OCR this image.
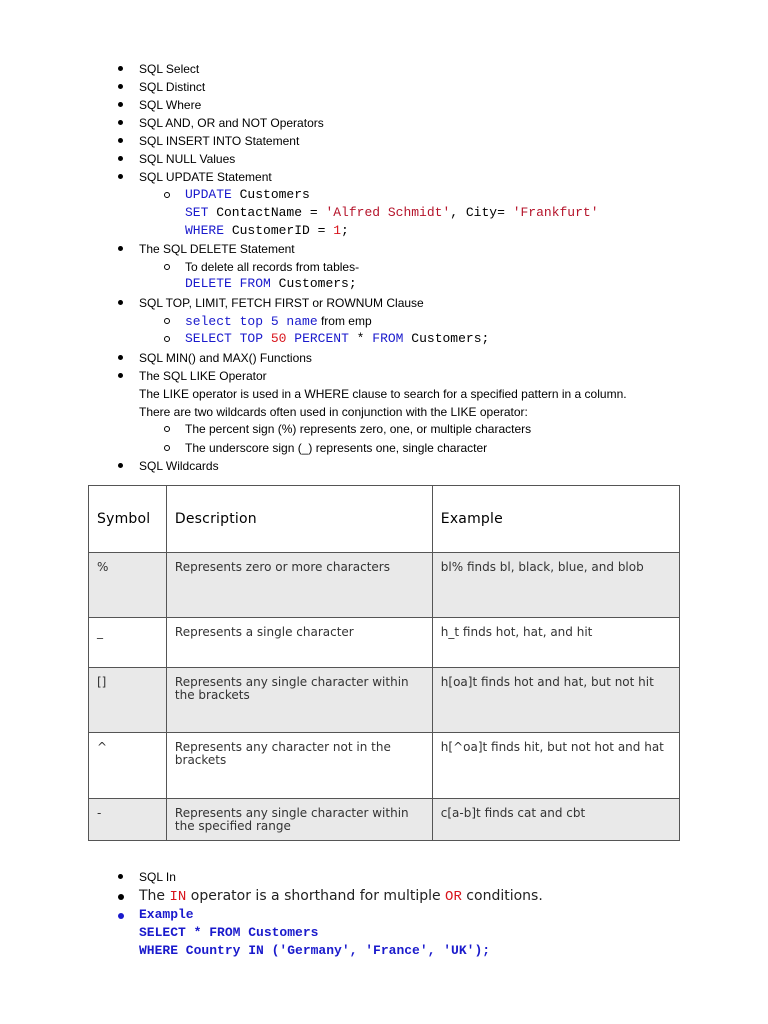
SQL Select
SQL Distinct
SQL Where
SQL AND, OR and NOT Operators
SQL INSERT INTO Statement
SQL NULL Values
SQL UPDATE Statement
UPDATE Customers
SET ContactName = 'Alfred Schmidt', City= 'Frankfurt'
WHERE CustomerID = 1;
The SQL DELETE Statement
To delete all records from tables-
DELETE FROM Customers;
SQL TOP, LIMIT, FETCH FIRST or ROWNUM Clause
select top 5 name from emp
SELECT TOP 50 PERCENT * FROM Customers;
SQL MIN() and MAX() Functions
The SQL LIKE Operator
The LIKE operator is used in a WHERE clause to search for a specified pattern in a column.
There are two wildcards often used in conjunction with the LIKE operator:
The percent sign (%) represents zero, one, or multiple characters
The underscore sign (_) represents one, single character
SQL Wildcards
Symbol	Description	Example
%	Represents zero or more characters	bl% finds bl, black, blue, and blob
_	Represents a single character	h_t finds hot, hat, and hit
[]	Represents any single character within the brackets	h[oa]t finds hot and hat, but not hit
^	Represents any character not in the brackets	h[^oa]t finds hit, but not hot and hat
-	Represents any single character within the specified range	c[a-b]t finds cat and cbt
SQL In
The IN operator is a shorthand for multiple OR conditions.
Example
SELECT * FROM Customers
WHERE Country IN ('Germany', 'France', 'UK');
